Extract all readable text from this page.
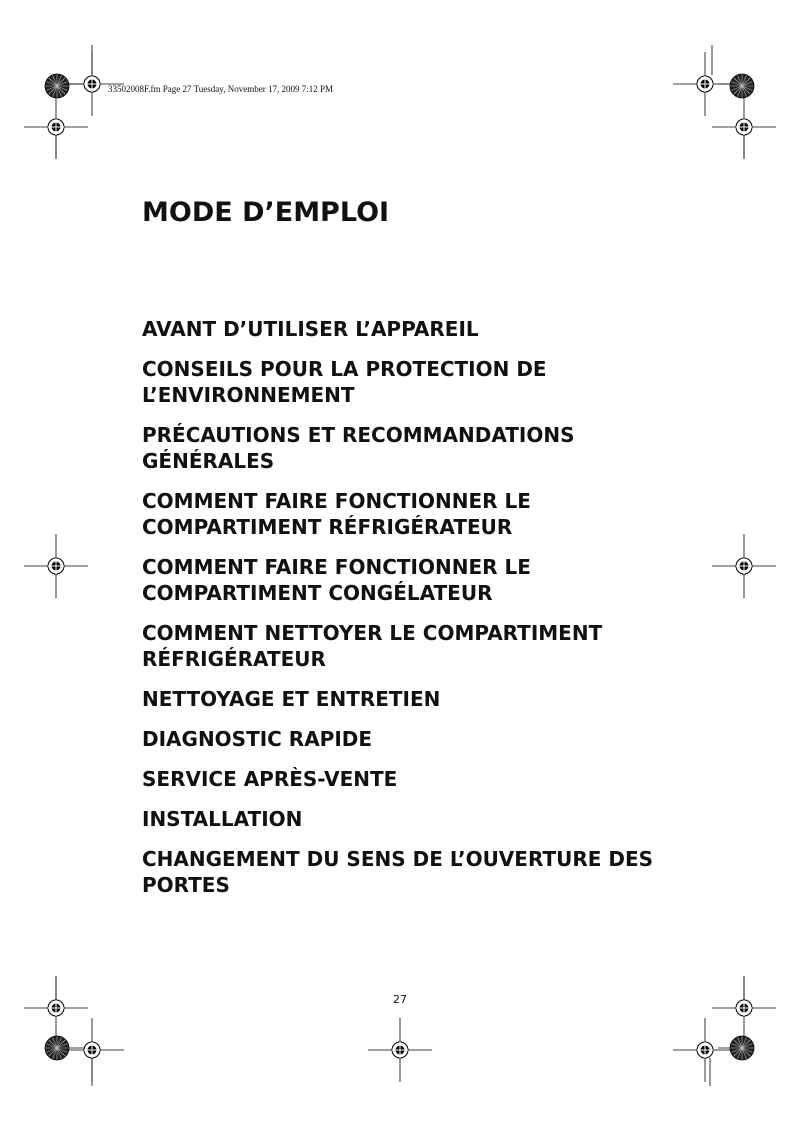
33502008F.fm Page 27 Tuesday, November 17, 2009 7:12 PM
MODE D’EMPLOI
AVANT D’UTILISER L’APPAREIL
CONSEILS POUR LA PROTECTION DE L’ENVIRONNEMENT
PRÉCAUTIONS ET RECOMMANDATIONS GÉNÉRALES
COMMENT FAIRE FONCTIONNER LE COMPARTIMENT RÉFRIGÉRATEUR
COMMENT FAIRE FONCTIONNER LE COMPARTIMENT CONGÉLATEUR
COMMENT NETTOYER LE COMPARTIMENT RÉFRIGÉRATEUR
NETTOYAGE ET ENTRETIEN
DIAGNOSTIC RAPIDE
SERVICE APRÈS-VENTE
INSTALLATION
CHANGEMENT DU SENS DE L’OUVERTURE DES PORTES
27
